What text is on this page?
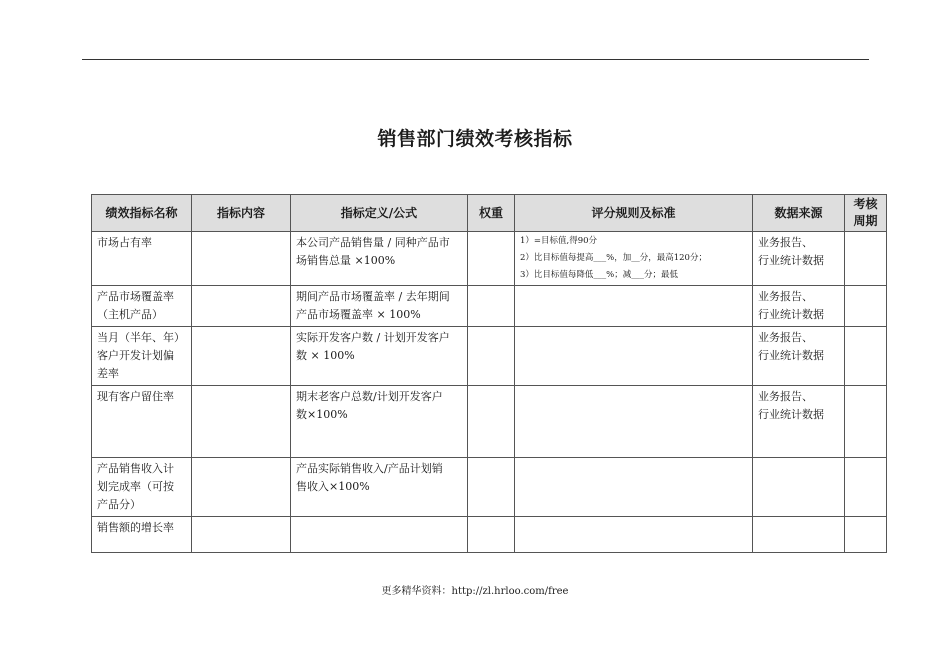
销售部门绩效考核指标
绩效指标名称	指标内容	指标定义/公式	权重	评分规则及标准	数据来源	考核周期

市场占有率		本公司产品销售量 / 同种产品市
场销售总量 ×100%		1）=目标值,得90分
2）比目标值每提高___%，加__分，最高120分；
3）比目标值每降低___%；减___分；最低	业务报告、
行业统计数据	

产品市场覆盖率
（主机产品）		期间产品市场覆盖率 / 去年期间
产品市场覆盖率 × 100%			业务报告、
行业统计数据	

当月（半年、年）
客户开发计划偏
差率		实际开发客户数 / 计划开发客户
数 × 100%			业务报告、
行业统计数据	

现有客户留住率		期末老客户总数/计划开发客户
数×100%			业务报告、
行业统计数据	

产品销售收入计
划完成率（可按
产品分）		产品实际销售收入/产品计划销
售收入×100%				

销售额的增长率						

更多精华资料：http://zl.hrloo.com/free
